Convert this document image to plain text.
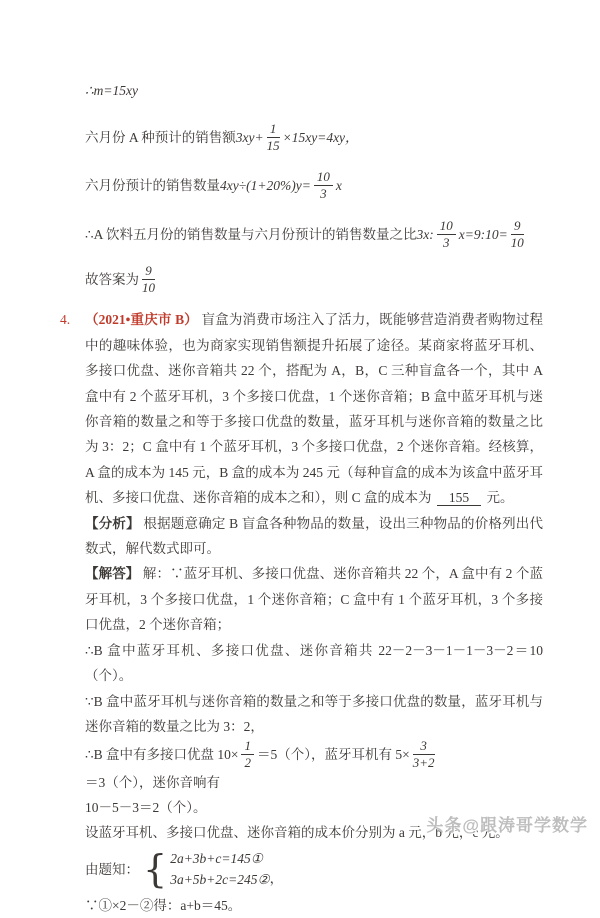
∴m=15xy

六月份 A 种预计的销售额 $3xy+ \frac{1}{15} \times 15xy=4xy$，
六月份预计的销售数量 $4xy\div(1+20\%)y= \frac{10}{3}$ x
∴A 饮料五月份的销售数量与六月份预计的销售数量之比 3x: $\frac{10}{3}$ x=9:10= $\frac{9}{10}$
故答案为 $\frac{9}{10}$

4. （2021•重庆市 B） 盲盒为消费市场注入了活力，既能够营造消费者购物过程中的趣味体验，也为商家实现销售额提升拓展了途径。某商家将蓝牙耳机、多接口优盘、迷你音箱共 22 个，搭配为 A，B，C 三种盲盒各一个，其中 A 盒中有 2 个蓝牙耳机，3 个多接口优盘，1 个迷你音箱；B 盒中蓝牙耳机与迷你音箱的数量之和等于多接口优盘的数量，蓝牙耳机与迷你音箱的数量之比为 3：2；C 盒中有 1 个蓝牙耳机，3 个多接口优盘，2 个迷你音箱。经核算，A 盒的成本为 145 元，B 盒的成本为 245 元（每种盲盒的成本为该盒中蓝牙耳机、多接口优盘、迷你音箱的成本之和），则 C 盒的成本为 155 元。

【分析】 根据题意确定 B 盲盒各种物品的数量，设出三种物品的价格列出代数式，解代数式即可。

【解答】 解：∵蓝牙耳机、多接口优盘、迷你音箱共 22 个，A 盒中有 2 个蓝牙耳机，3 个多接口优盘，1 个迷你音箱；C 盒中有 1 个蓝牙耳机，3 个多接口优盘，2 个迷你音箱；

∴B 盒中蓝牙耳机、多接口优盘、迷你音箱共 22－2－3－1－1－3－2＝10（个）。

∵B 盒中蓝牙耳机与迷你音箱的数量之和等于多接口优盘的数量，蓝牙耳机与迷你音箱的数量之比为 3：2，

∴B 盒中有多接口优盘 $10\times \frac{1}{2} =5$（个），蓝牙耳机有 $5\times \frac{3}{3+2}$
＝3（个），迷你音响有

10－5－3＝2（个）。

设蓝牙耳机、多接口优盘、迷你音箱的成本价分别为 a 元，b 元，c 元。

由题知： { 2a+3b+c=145①
3a+5b+2c=245② ，

∵①×2－②得：a+b＝45。

头条@跟涛哥学数学
